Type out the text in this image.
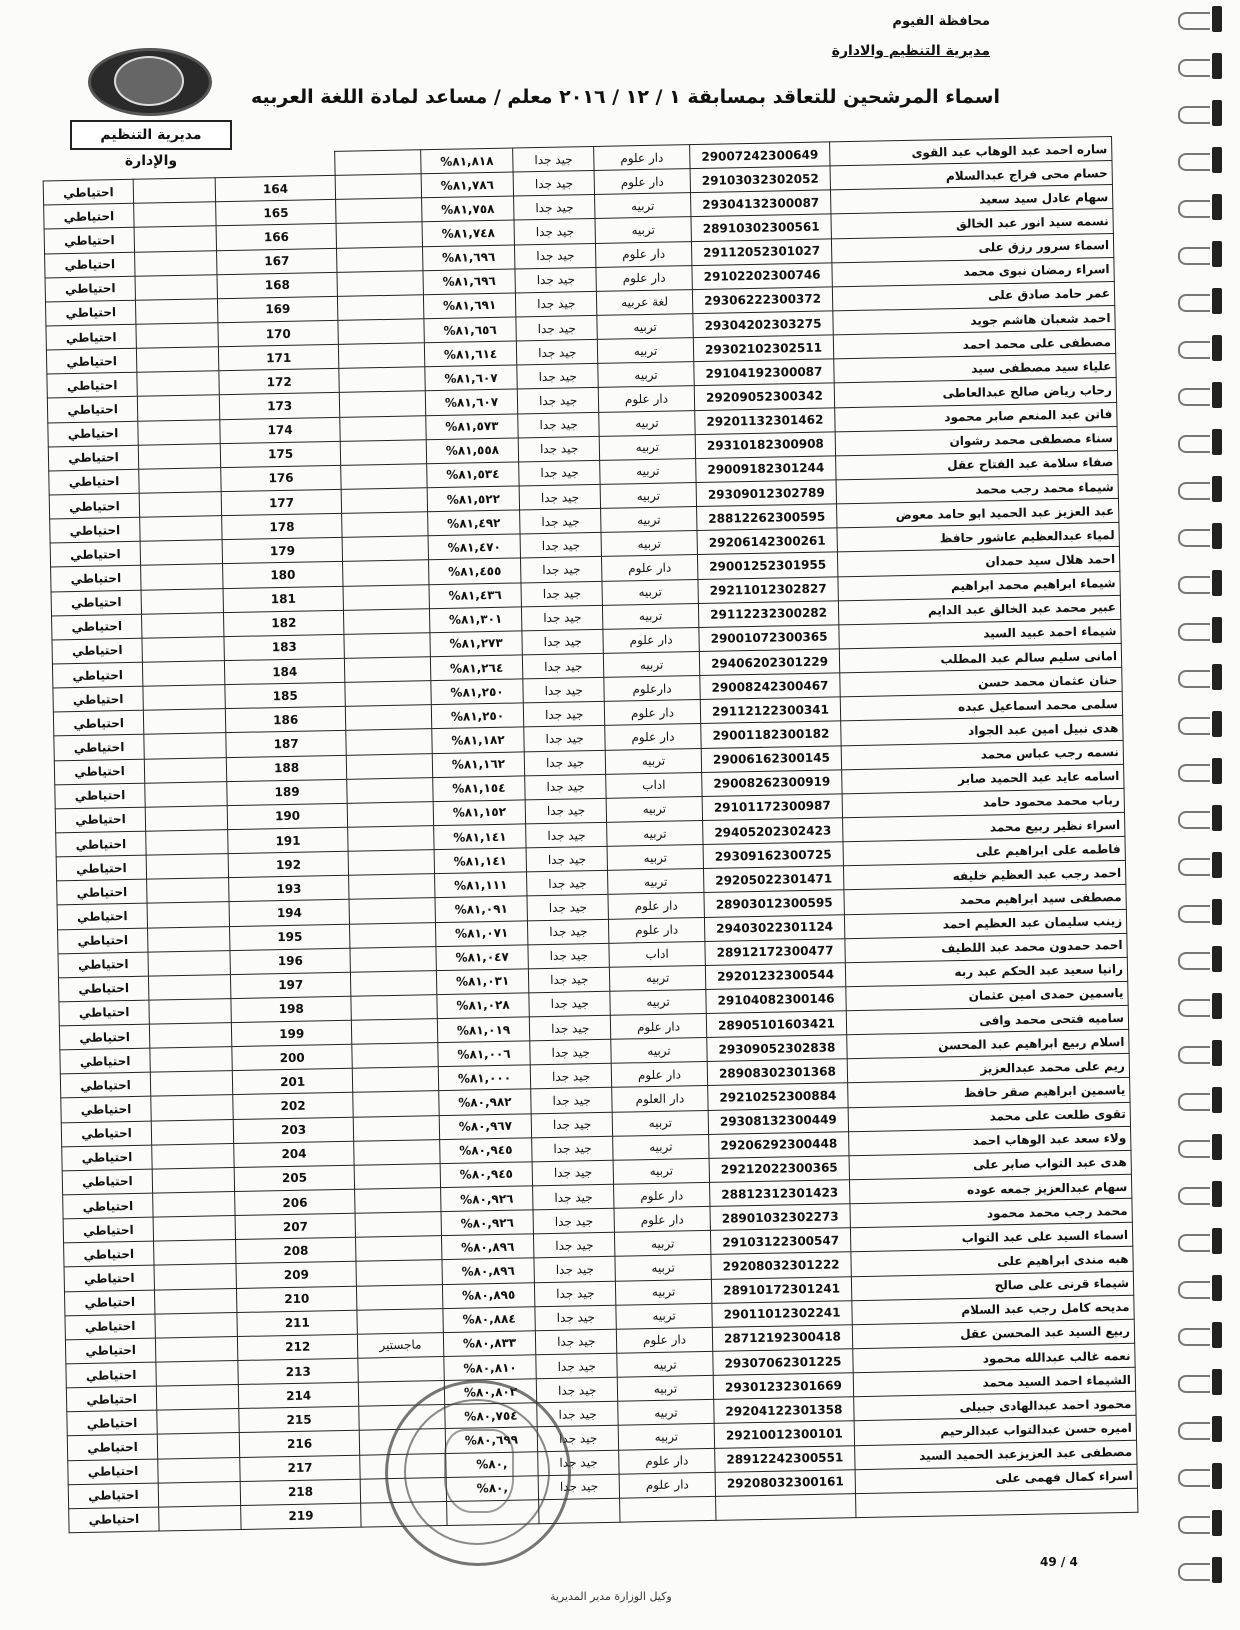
محافظة الفيوم
مديرية التنظيم والادارة
مديرية التنظيم والإدارة
اسماء المرشحين للتعاقد بمسابقة ١ / ١٢ / ٢٠١٦ معلم / مساعد لمادة اللغة العربيه
ساره احمد عبد الوهاب عبد القوى	29007242300649	دار علوم	جيد جدا	%٨١,٨١٨				
حسام محى فراج عبدالسلام	29103032302052	دار علوم	جيد جدا	%٨١,٧٨٦		164		احتياطي
سهام عادل سيد سعيد	29304132300087	تربيه	جيد جدا	%٨١,٧٥٨		165		احتياطي
نسمه سيد انور عبد الخالق	28910302300561	تربيه	جيد جدا	%٨١,٧٤٨		166		احتياطي
اسماء سرور رزق على	29112052301027	دار علوم	جيد جدا	%٨١,٦٩٦		167		احتياطي
اسراء رمضان نبوى محمد	29102202300746	دار علوم	جيد جدا	%٨١,٦٩٦		168		احتياطي
عمر حامد صادق على	29306222300372	لغة عربيه	جيد جدا	%٨١,٦٩١		169		احتياطي
احمد شعبان هاشم جويد	29304202303275	تربيه	جيد جدا	%٨١,٦٥٦		170		احتياطي
مصطفى على محمد احمد	29302102302511	تربيه	جيد جدا	%٨١,٦١٤		171		احتياطي
علياء سيد مصطفى سيد	29104192300087	تربيه	جيد جدا	%٨١,٦٠٧		172		احتياطي
رحاب رياض صالح عبدالعاطى	29209052300342	دار علوم	جيد جدا	%٨١,٦٠٧		173		احتياطي
فاتن عبد المنعم صابر محمود	29201132301462	تربيه	جيد جدا	%٨١,٥٧٣		174		احتياطي
سناء مصطفى محمد رشوان	29310182300908	تربيه	جيد جدا	%٨١,٥٥٨		175		احتياطي
صفاء سلامة عبد الفتاح عقل	29009182301244	تربيه	جيد جدا	%٨١,٥٣٤		176		احتياطي
شيماء محمد رجب محمد	29309012302789	تربيه	جيد جدا	%٨١,٥٢٢		177		احتياطي
عبد العزيز عبد الحميد ابو حامد معوض	28812262300595	تربيه	جيد جدا	%٨١,٤٩٢		178		احتياطي
لمياء عبدالعظيم عاشور حافظ	29206142300261	تربيه	جيد جدا	%٨١,٤٧٠		179		احتياطي
احمد هلال سيد حمدان	29001252301955	دار علوم	جيد جدا	%٨١,٤٥٥		180		احتياطي
شيماء ابراهيم محمد ابراهيم	29211012302827	تربيه	جيد جدا	%٨١,٤٣٦		181		احتياطي
عبير محمد عبد الخالق عبد الدايم	29112232300282	تربيه	جيد جدا	%٨١,٣٠١		182		احتياطي
شيماء احمد عبيد السيد	29001072300365	دار علوم	جيد جدا	%٨١,٢٧٣		183		احتياطي
امانى سليم سالم عبد المطلب	29406202301229	تربيه	جيد جدا	%٨١,٢٦٤		184		احتياطي
حنان عثمان محمد حسن	29008242300467	دارعلوم	جيد جدا	%٨١,٢٥٠		185		احتياطي
سلمى محمد اسماعيل عبده	29112122300341	دار علوم	جيد جدا	%٨١,٢٥٠		186		احتياطي
هدى نبيل امين عبد الجواد	29001182300182	دار علوم	جيد جدا	%٨١,١٨٢		187		احتياطي
نسمه رجب عباس محمد	29006162300145	تربيه	جيد جدا	%٨١,١٦٢		188		احتياطي
اسامه عايد عبد الحميد صابر	29008262300919	اداب	جيد جدا	%٨١,١٥٤		189		احتياطي
رباب محمد محمود حامد	29101172300987	تربيه	جيد جدا	%٨١,١٥٢		190		احتياطي
اسراء نظير ربيع محمد	29405202302423	تربيه	جيد جدا	%٨١,١٤١		191		احتياطي
فاطمه على ابراهيم على	29309162300725	تربيه	جيد جدا	%٨١,١٤١		192		احتياطي
احمد رجب عبد العظيم خليفه	29205022301471	تربيه	جيد جدا	%٨١,١١١		193		احتياطي
مصطفى سيد ابراهيم محمد	28903012300595	دار علوم	جيد جدا	%٨١,٠٩١		194		احتياطي
زينب سليمان عبد العظيم احمد	29403022301124	دار علوم	جيد جدا	%٨١,٠٧١		195		احتياطي
احمد حمدون محمد عبد اللطيف	28912172300477	اداب	جيد جدا	%٨١,٠٤٧		196		احتياطي
رانيا سعيد عبد الحكم عبد ربه	29201232300544	تربيه	جيد جدا	%٨١,٠٣١		197		احتياطي
ياسمين حمدى امين عثمان	29104082300146	تربيه	جيد جدا	%٨١,٠٢٨		198		احتياطي
ساميه فتحى محمد وافى	28905101603421	دار علوم	جيد جدا	%٨١,٠١٩		199		احتياطي
اسلام ربيع ابراهيم عبد المحسن	29309052302838	تربيه	جيد جدا	%٨١,٠٠٦		200		احتياطي
ريم على محمد عبدالعزيز	28908302301368	دار علوم	جيد جدا	%٨١,٠٠٠		201		احتياطي
ياسمين ابراهيم صقر حافظ	29210252300884	دار العلوم	جيد جدا	%٨٠,٩٨٢		202		احتياطي
تقوى طلعت على محمد	29308132300449	تربيه	جيد جدا	%٨٠,٩٦٧		203		احتياطي
ولاء سعد عبد الوهاب احمد	29206292300448	تربيه	جيد جدا	%٨٠,٩٤٥		204		احتياطي
هدى عبد التواب صابر على	29212022300365	تربيه	جيد جدا	%٨٠,٩٤٥		205		احتياطي
سهام عبدالعزيز جمعه عوده	28812312301423	دار علوم	جيد جدا	%٨٠,٩٢٦		206		احتياطي
محمد رجب محمد محمود	28901032302273	دار علوم	جيد جدا	%٨٠,٩٢٦		207		احتياطي
اسماء السيد على عبد التواب	29103122300547	تربيه	جيد جدا	%٨٠,٨٩٦		208		احتياطي
هبه مندى ابراهيم على	29208032301222	تربيه	جيد جدا	%٨٠,٨٩٦		209		احتياطي
شيماء قرنى على صالح	28910172301241	تربيه	جيد جدا	%٨٠,٨٩٥		210		احتياطي
مديحه كامل رجب عبد السلام	29011012302241	تربيه	جيد جدا	%٨٠,٨٨٤		211		احتياطي
ربيع السيد عبد المحسن عقل	28712192300418	دار علوم	جيد جدا	%٨٠,٨٣٣	ماجستير	212		احتياطي
نعمه غالب عبدالله محمود	29307062301225	تربيه	جيد جدا	%٨٠,٨١٠		213		احتياطي
الشيماء احمد السيد محمد	29301232301669	تربيه	جيد جدا	%٨٠,٨٠٢		214		احتياطي
محمود احمد عبدالهادى جبيلى	29204122301358	تربيه	جيد جدا	%٨٠,٧٥٤		215		احتياطي
اميره حسن عبدالتواب عبدالرحيم	29210012300101	تربيه	جيد جدا	%٨٠,٦٩٩		216		احتياطي
مصطفى عبد العزيزعبد الحميد السيد	28912242300551	دار علوم	جيد جدا	%٨٠,		217		احتياطي
اسراء كمال فهمى على	29208032300161	دار علوم	جيد جدا	%٨٠,		218		احتياطي
						219		احتياطي
وكيل الوزارة مدير المديرية
49 / 4
